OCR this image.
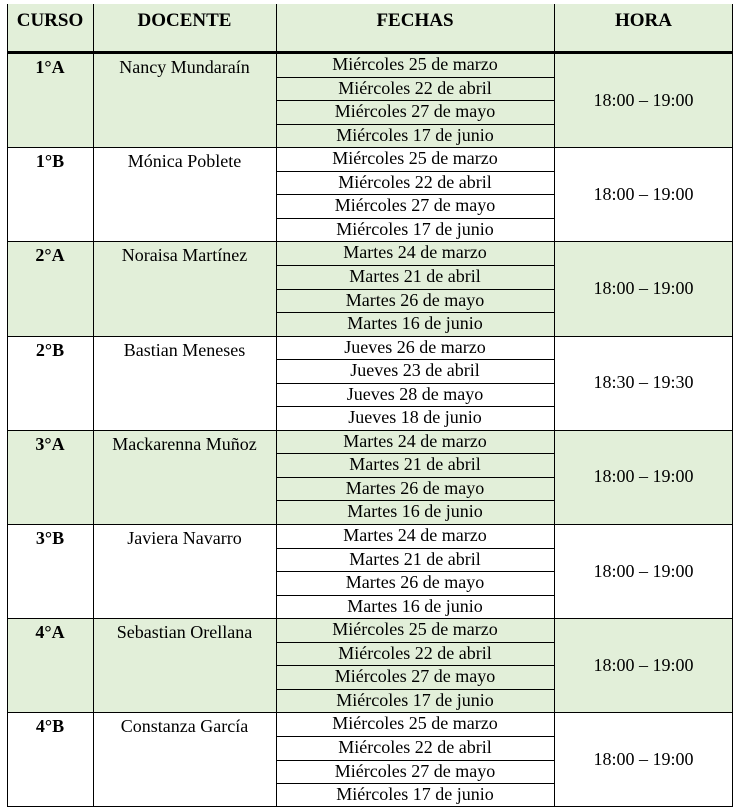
CURSO	DOCENTE	FECHAS	HORA
1°A	Nancy Mundaraín	Miércoles 25 de marzo
Miércoles 22 de abril
Miércoles 27 de mayo
Miércoles 17 de junio
18:00 – 19:00
1°B	Mónica Poblete	Miércoles 25 de marzo
Miércoles 22 de abril
Miércoles 27 de mayo
Miércoles 17 de junio
18:00 – 19:00
2°A	Noraisa Martínez	Martes 24 de marzo
Martes 21 de abril
Martes 26 de mayo
Martes 16 de junio
18:00 – 19:00
2°B	Bastian Meneses	Jueves 26 de marzo
Jueves 23 de abril
Jueves 28 de mayo
Jueves 18 de junio
18:30 – 19:30
3°A	Mackarenna Muñoz	Martes 24 de marzo
Martes 21 de abril
Martes 26 de mayo
Martes 16 de junio
18:00 – 19:00
3°B	Javiera Navarro	Martes 24 de marzo
Martes 21 de abril
Martes 26 de mayo
Martes 16 de junio
18:00 – 19:00
4°A	Sebastian Orellana	Miércoles 25 de marzo
Miércoles 22 de abril
Miércoles 27 de mayo
Miércoles 17 de junio
18:00 – 19:00
4°B	Constanza García	Miércoles 25 de marzo
Miércoles 22 de abril
Miércoles 27 de mayo
Miércoles 17 de junio
18:00 – 19:00
